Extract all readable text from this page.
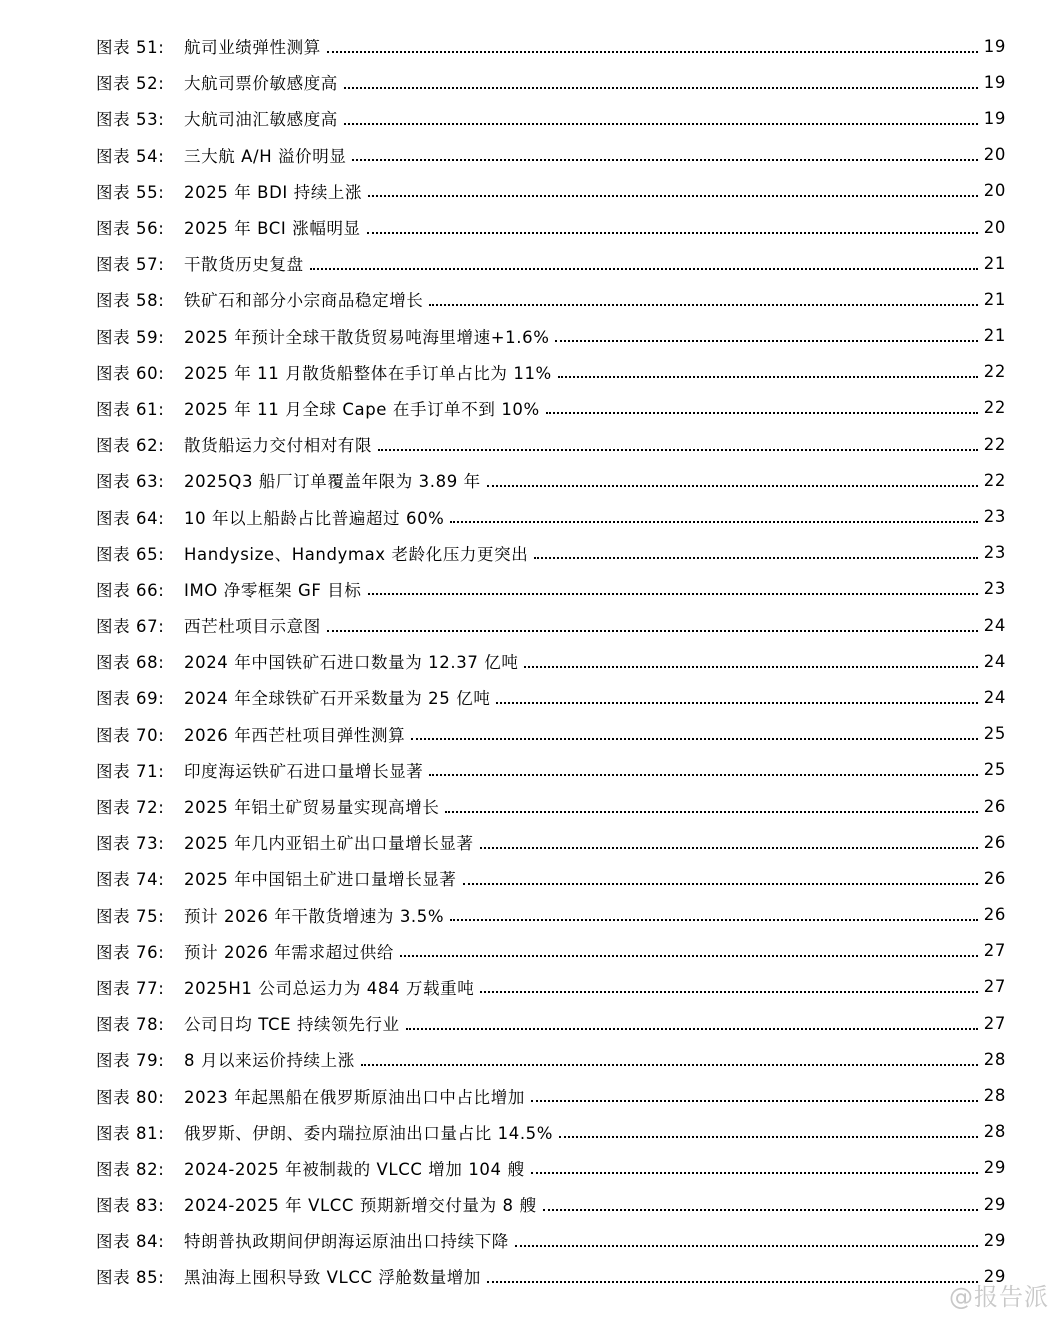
图表 51:	航司业绩弹性测算	19
图表 52:	大航司票价敏感度高	19
图表 53:	大航司油汇敏感度高	19
图表 54:	三大航 A/H 溢价明显	20
图表 55:	2025 年 BDI 持续上涨	20
图表 56:	2025 年 BCI 涨幅明显	20
图表 57:	干散货历史复盘	21
图表 58:	铁矿石和部分小宗商品稳定增长	21
图表 59:	2025 年预计全球干散货贸易吨海里增速+1.6%	21
图表 60:	2025 年 11 月散货船整体在手订单占比为 11%	22
图表 61:	2025 年 11 月全球 Cape 在手订单不到 10%	22
图表 62:	散货船运力交付相对有限	22
图表 63:	2025Q3 船厂订单覆盖年限为 3.89 年	22
图表 64:	10 年以上船龄占比普遍超过 60%	23
图表 65:	Handysize、Handymax 老龄化压力更突出	23
图表 66:	IMO 净零框架 GF 目标	23
图表 67:	西芒杜项目示意图	24
图表 68:	2024 年中国铁矿石进口数量为 12.37 亿吨	24
图表 69:	2024 年全球铁矿石开采数量为 25 亿吨	24
图表 70:	2026 年西芒杜项目弹性测算	25
图表 71:	印度海运铁矿石进口量增长显著	25
图表 72:	2025 年铝土矿贸易量实现高增长	26
图表 73:	2025 年几内亚铝土矿出口量增长显著	26
图表 74:	2025 年中国铝土矿进口量增长显著	26
图表 75:	预计 2026 年干散货增速为 3.5%	26
图表 76:	预计 2026 年需求超过供给	27
图表 77:	2025H1 公司总运力为 484 万载重吨	27
图表 78:	公司日均 TCE 持续领先行业	27
图表 79:	8 月以来运价持续上涨	28
图表 80:	2023 年起黑船在俄罗斯原油出口中占比增加	28
图表 81:	俄罗斯、伊朗、委内瑞拉原油出口量占比 14.5%	28
图表 82:	2024-2025 年被制裁的 VLCC 增加 104 艘	29
图表 83:	2024-2025 年 VLCC 预期新增交付量为 8 艘	29
图表 84:	特朗普执政期间伊朗海运原油出口持续下降	29
图表 85:	黑油海上囤积导致 VLCC 浮舱数量增加	29
@报告派
